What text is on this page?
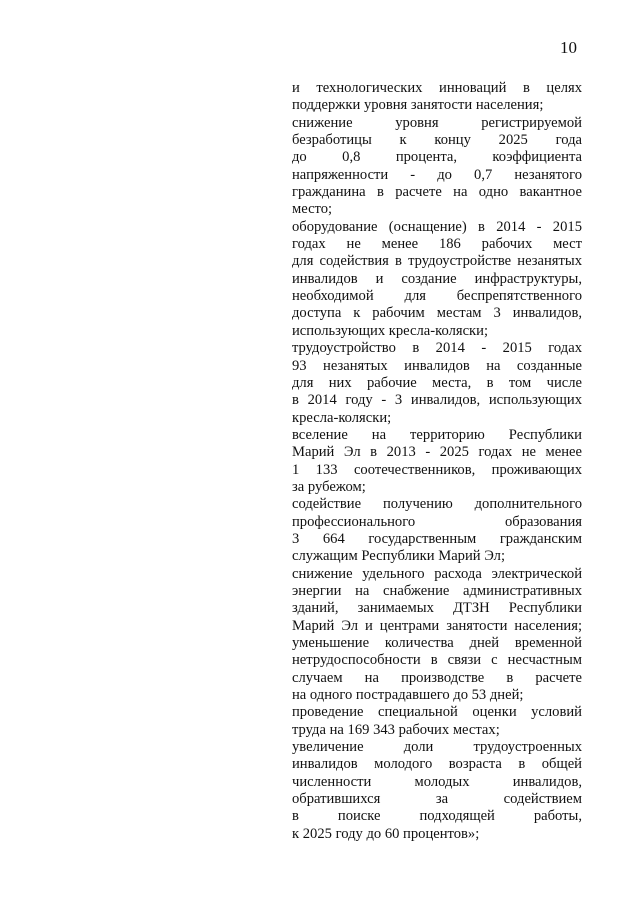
10
и технологических инноваций в целях
поддержки уровня занятости населения;
снижение уровня регистрируемой
безработицы к концу 2025 года
до 0,8 процента, коэффициента
напряженности - до 0,7 незанятого
гражданина в расчете на одно вакантное
место;
оборудование (оснащение) в 2014 - 2015
годах не менее 186 рабочих мест
для содействия в трудоустройстве незанятых
инвалидов и создание инфраструктуры,
необходимой для беспрепятственного
доступа к рабочим местам 3 инвалидов,
использующих кресла-коляски;
трудоустройство в 2014 - 2015 годах
93 незанятых инвалидов на созданные
для них рабочие места, в том числе
в 2014 году - 3 инвалидов, использующих
кресла-коляски;
вселение на территорию Республики
Марий Эл в 2013 - 2025 годах не менее
1 133 соотечественников, проживающих
за рубежом;
содействие получению дополнительного
профессионального образования
3 664 государственным гражданским
служащим Республики Марий Эл;
снижение удельного расхода электрической
энергии на снабжение административных
зданий, занимаемых ДТЗН Республики
Марий Эл и центрами занятости населения;
уменьшение количества дней временной
нетрудоспособности в связи с несчастным
случаем на производстве в расчете
на одного пострадавшего до 53 дней;
проведение специальной оценки условий
труда на 169 343 рабочих местах;
увеличение доли трудоустроенных
инвалидов молодого возраста в общей
численности молодых инвалидов,
обратившихся за содействием
в поиске подходящей работы,
к 2025 году до 60 процентов»;
